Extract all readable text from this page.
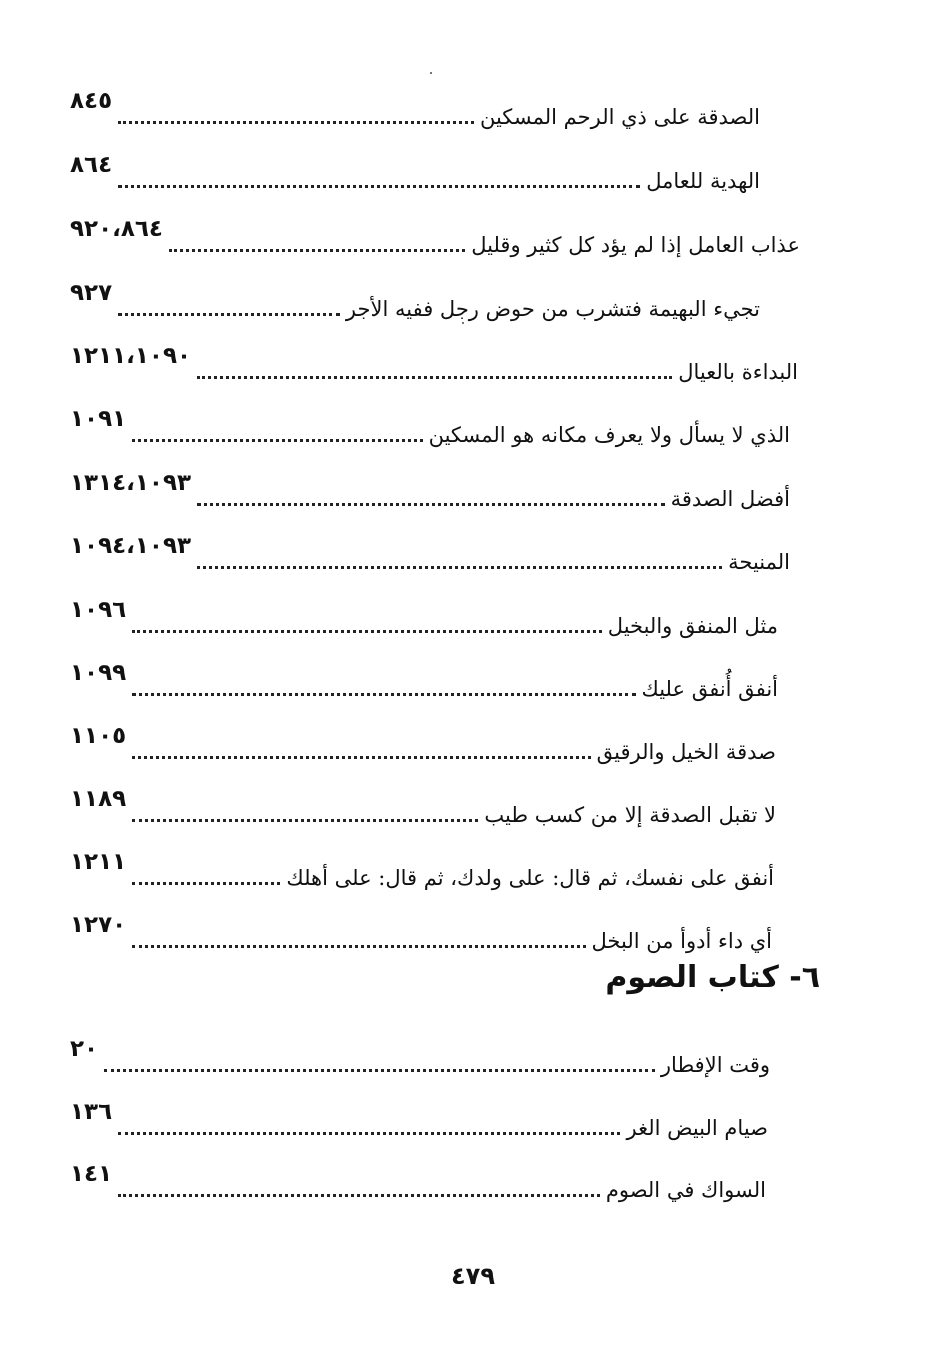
الصدقة على ذي الرحم المسكين
٨٤٥
الهدية للعامل
٨٦٤
عذاب العامل إذا لم يؤد كل كثير وقليل
٩٢٠،٨٦٤
تجيء البهيمة فتشرب من حوض رجل ففيه الأجر
٩٢٧
البداءة بالعيال
١٢١١،١٠٩٠
الذي لا يسأل ولا يعرف مكانه هو المسكين
١٠٩١
أفضل الصدقة
١٣١٤،١٠٩٣
المنيحة
١٠٩٤،١٠٩٣
مثل المنفق والبخيل
١٠٩٦
أنفق أُنفق عليك
١٠٩٩
صدقة الخيل والرقيق
١١٠٥
لا تقبل الصدقة إلا من كسب طيب
١١٨٩
أنفق على نفسك، ثم قال: على ولدك، ثم قال: على أهلك
١٢١١
أي داء أدوأ من البخل
١٢٧٠
٦- كتاب الصوم
وقت الإفطار
٢٠
صيام البيض الغر
١٣٦
السواك في الصوم
١٤١
٤٧٩
